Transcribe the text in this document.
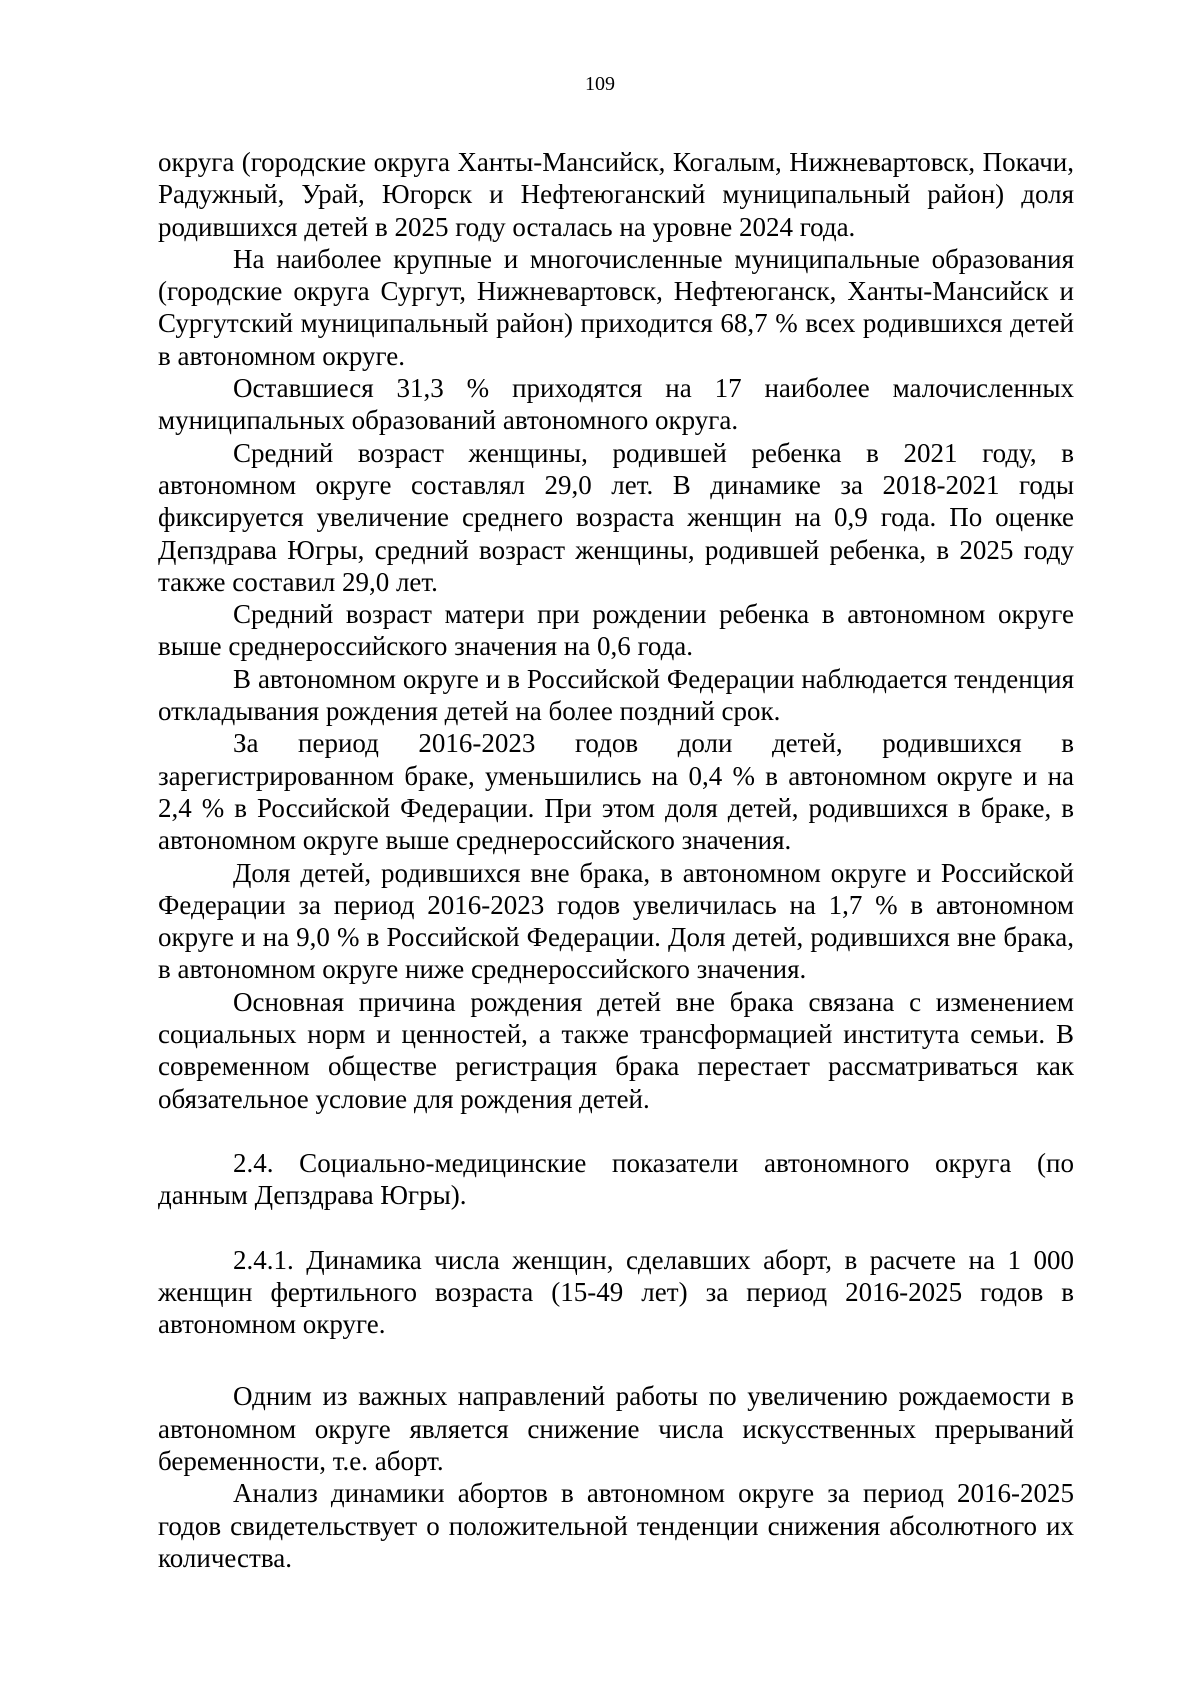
109

округа (городские округа Ханты-Мансийск, Когалым, Нижневартовск, Покачи, Радужный, Урай, Югорск и Нефтеюганский муниципальный район) доля родившихся детей в 2025 году осталась на уровне 2024 года.

На наиболее крупные и многочисленные муниципальные образования (городские округа Сургут, Нижневартовск, Нефтеюганск, Ханты-Мансийск и Сургутский муниципальный район) приходится 68,7 % всех родившихся детей в автономном округе.

Оставшиеся 31,3 % приходятся на 17 наиболее малочисленных муниципальных образований автономного округа.

Средний возраст женщины, родившей ребенка в 2021 году, в автономном округе составлял 29,0 лет. В динамике за 2018-2021 годы фиксируется увеличение среднего возраста женщин на 0,9 года. По оценке Депздрава Югры, средний возраст женщины, родившей ребенка, в 2025 году также составил 29,0 лет.

Средний возраст матери при рождении ребенка в автономном округе выше среднероссийского значения на 0,6 года.

В автономном округе и в Российской Федерации наблюдается тенденция откладывания рождения детей на более поздний срок.

За период 2016-2023 годов доли детей, родившихся в зарегистрированном браке, уменьшились на 0,4 % в автономном округе и на 2,4 % в Российской Федерации. При этом доля детей, родившихся в браке, в автономном округе выше среднероссийского значения.

Доля детей, родившихся вне брака, в автономном округе и Российской Федерации за период 2016-2023 годов увеличилась на 1,7 % в автономном округе и на 9,0 % в Российской Федерации. Доля детей, родившихся вне брака, в автономном округе ниже среднероссийского значения.

Основная причина рождения детей вне брака связана с изменением социальных норм и ценностей, а также трансформацией института семьи. В современном обществе регистрация брака перестает рассматриваться как обязательное условие для рождения детей.

2.4. Социально-медицинские показатели автономного округа (по данным Депздрава Югры).

2.4.1. Динамика числа женщин, сделавших аборт, в расчете на 1 000 женщин фертильного возраста (15-49 лет) за период 2016-2025 годов в автономном округе.

Одним из важных направлений работы по увеличению рождаемости в автономном округе является снижение числа искусственных прерываний беременности, т.е. аборт.

Анализ динамики абортов в автономном округе за период 2016-2025 годов свидетельствует о положительной тенденции снижения абсолютного их количества.
